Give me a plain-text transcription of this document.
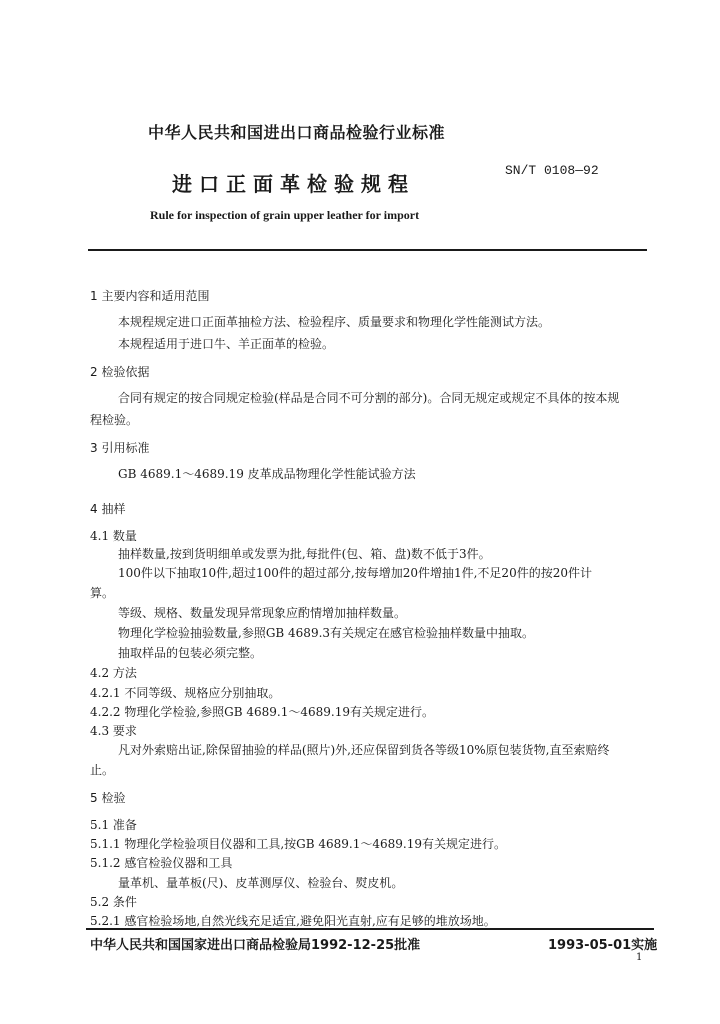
中华人民共和国进出口商品检验行业标准
进口正面革检验规程
SN/T 0108—92
Rule for inspection of grain upper leather for import
1 主要内容和适用范围
本规程规定进口正面革抽检方法、检验程序、质量要求和物理化学性能测试方法。
本规程适用于进口牛、羊正面革的检验。
2 检验依据
合同有规定的按合同规定检验(样品是合同不可分割的部分)。合同无规定或规定不具体的按本规
程检验。
3 引用标准
GB 4689.1～4689.19 皮革成品物理化学性能试验方法
4 抽样
4.1 数量
抽样数量,按到货明细单或发票为批,每批件(包、箱、盘)数不低于3件。
100件以下抽取10件,超过100件的超过部分,按每增加20件增抽1件,不足20件的按20件计
算。
等级、规格、数量发现异常现象应酌情增加抽样数量。
物理化学检验抽验数量,参照GB 4689.3有关规定在感官检验抽样数量中抽取。
抽取样品的包装必须完整。
4.2 方法
4.2.1 不同等级、规格应分别抽取。
4.2.2 物理化学检验,参照GB 4689.1～4689.19有关规定进行。
4.3 要求
凡对外索赔出证,除保留抽验的样品(照片)外,还应保留到货各等级10%原包装货物,直至索赔终
止。
5 检验
5.1 准备
5.1.1 物理化学检验项目仪器和工具,按GB 4689.1～4689.19有关规定进行。
5.1.2 感官检验仪器和工具
量革机、量革板(尺)、皮革测厚仪、检验台、熨皮机。
5.2 条件
5.2.1 感官检验场地,自然光线充足适宜,避免阳光直射,应有足够的堆放场地。
中华人民共和国国家进出口商品检验局1992-12-25批准	1993-05-01实施
1
